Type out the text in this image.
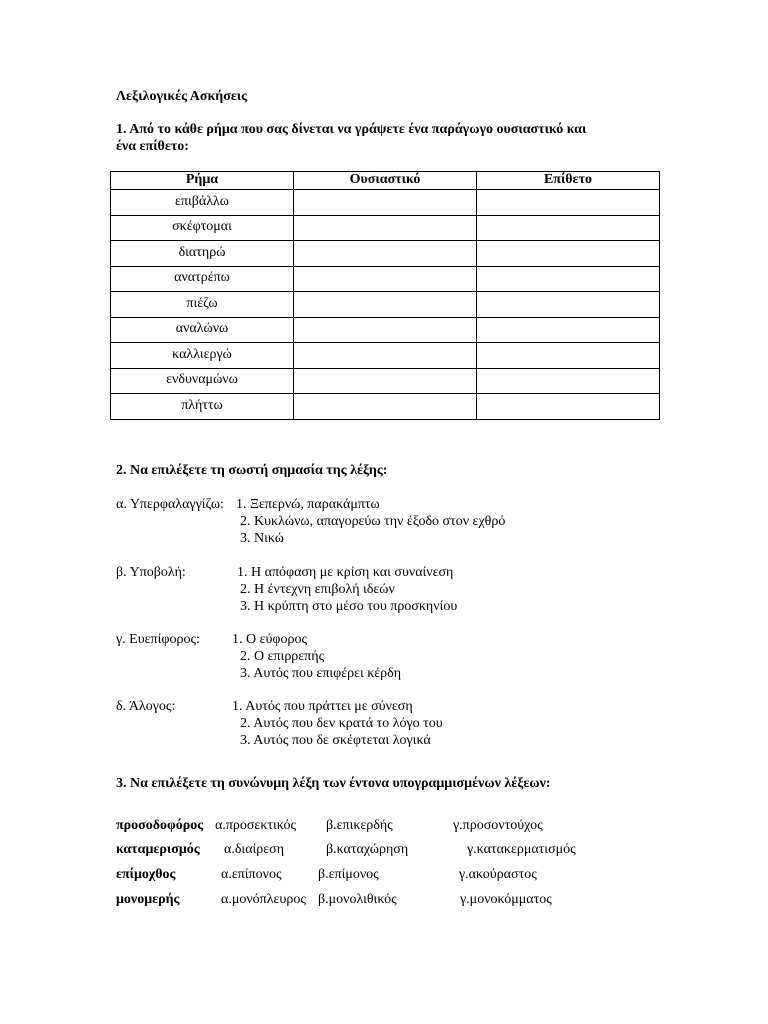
Λεξιλογικές Ασκήσεις
1. Από το κάθε ρήμα που σας δίνεται να γράψετε ένα παράγωγο ουσιαστικό και
ένα επίθετο:
Ρήμα	Ουσιαστικό	Επίθετο
επιβάλλω		
σκέφτομαι		
διατηρώ		
ανατρέπω		
πιέζω		
αναλώνω		
καλλιεργώ		
ενδυναμώνω		
πλήττω		
2. Να επιλέξετε τη σωστή σημασία της λέξης:
α. Υπερφαλαγγίζω: 1. Ξεπερνώ, παρακάμπτω
2. Κυκλώνω, απαγορεύω την έξοδο στον εχθρό
3. Νικώ
β. Υποβολή:	1. Η απόφαση με κρίση και συναίνεση
2. Η έντεχνη επιβολή ιδεών
3. Η κρύπτη στο μέσο του προσκηνίου
γ. Ευεπίφορος: 1. Ο εύφορος
2. Ο επιρρεπής
3. Αυτός που επιφέρει κέρδη
δ. Άλογος:	1. Αυτός που πράττει με σύνεση
2. Αυτός που δεν κρατά το λόγο του
3. Αυτός που δε σκέφτεται λογικά
3. Να επιλέξετε τη συνώνυμη λέξη των έντονα υπογραμμισμένων λέξεων:
προσοδοφόρος α.προσεκτικός β.επικερδής	γ.προσοντούχος
καταμερισμός α.διαίρεση	β.καταχώρηση	γ.κατακερματισμός
επίμοχθος	α.επίπονος	β.επίμονος	γ.ακούραστος
μονομερής	α.μονόπλευρος β.μονολιθικός	γ.μονοκόμματος
